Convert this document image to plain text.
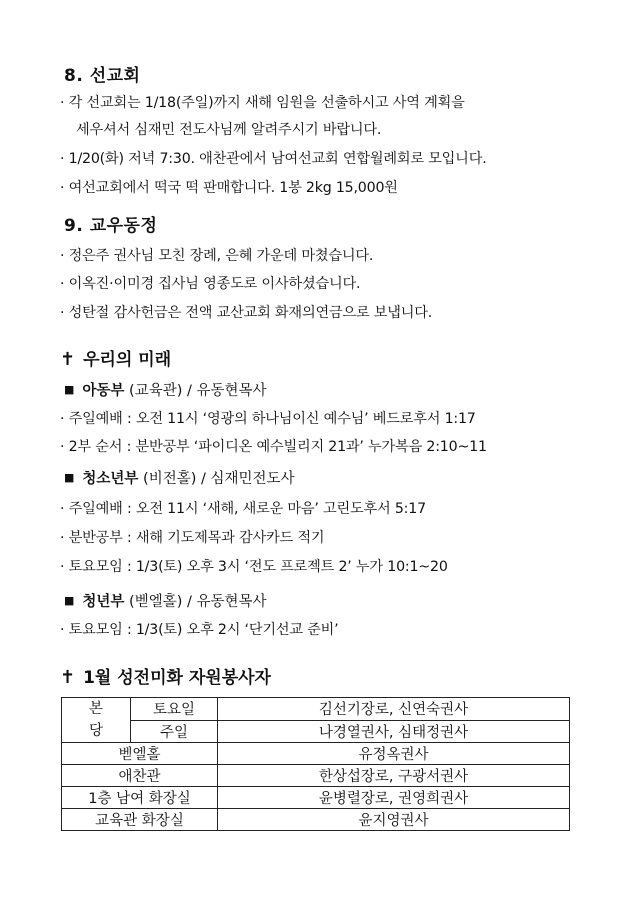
8. 선교회
· 각 선교회는 1/18(주일)까지 새해 임원을 선출하시고 사역 계획을
세우셔서 심재민 전도사님께 알려주시기 바랍니다.
· 1/20(화) 저녁 7:30. 애찬관에서 남여선교회 연합월례회로 모입니다.
· 여선교회에서 떡국 떡 판매합니다. 1봉 2kg 15,000원
9. 교우동정
· 정은주 권사님 모친 장례, 은혜 가운데 마쳤습니다.
· 이옥진·이미경 집사님 영종도로 이사하셨습니다.
· 성탄절 감사헌금은 전액 교산교회 화재의연금으로 보냅니다.
✝ 우리의 미래
■ 아동부 (교육관) / 유동현목사
· 주일예배 : 오전 11시 ‘영광의 하나님이신 예수님’ 베드로후서 1:17
· 2부 순서 : 분반공부 ‘파이디온 예수빌리지 21과’ 누가복음 2:10~11
■ 청소년부 (비전홀) / 심재민전도사
· 주일예배 : 오전 11시 ‘새해, 새로운 마음’ 고린도후서 5:17
· 분반공부 : 새해 기도제목과 감사카드 적기
· 토요모임 : 1/3(토) 오후 3시 ‘전도 프로젝트 2’ 누가 10:1~20
■ 청년부 (벧엘홀) / 유동현목사
· 토요모임 : 1/3(토) 오후 2시 ‘단기선교 준비’
✝ 1월 성전미화 자원봉사자
본
당	토요일	김선기장로, 신연숙권사
	주일	나경열권사, 심태정권사
벧엘홀		유정옥권사
애찬관		한상섭장로, 구광서권사
1층 남여 화장실		윤병렬장로, 권영희권사
교육관 화장실		윤지영권사
